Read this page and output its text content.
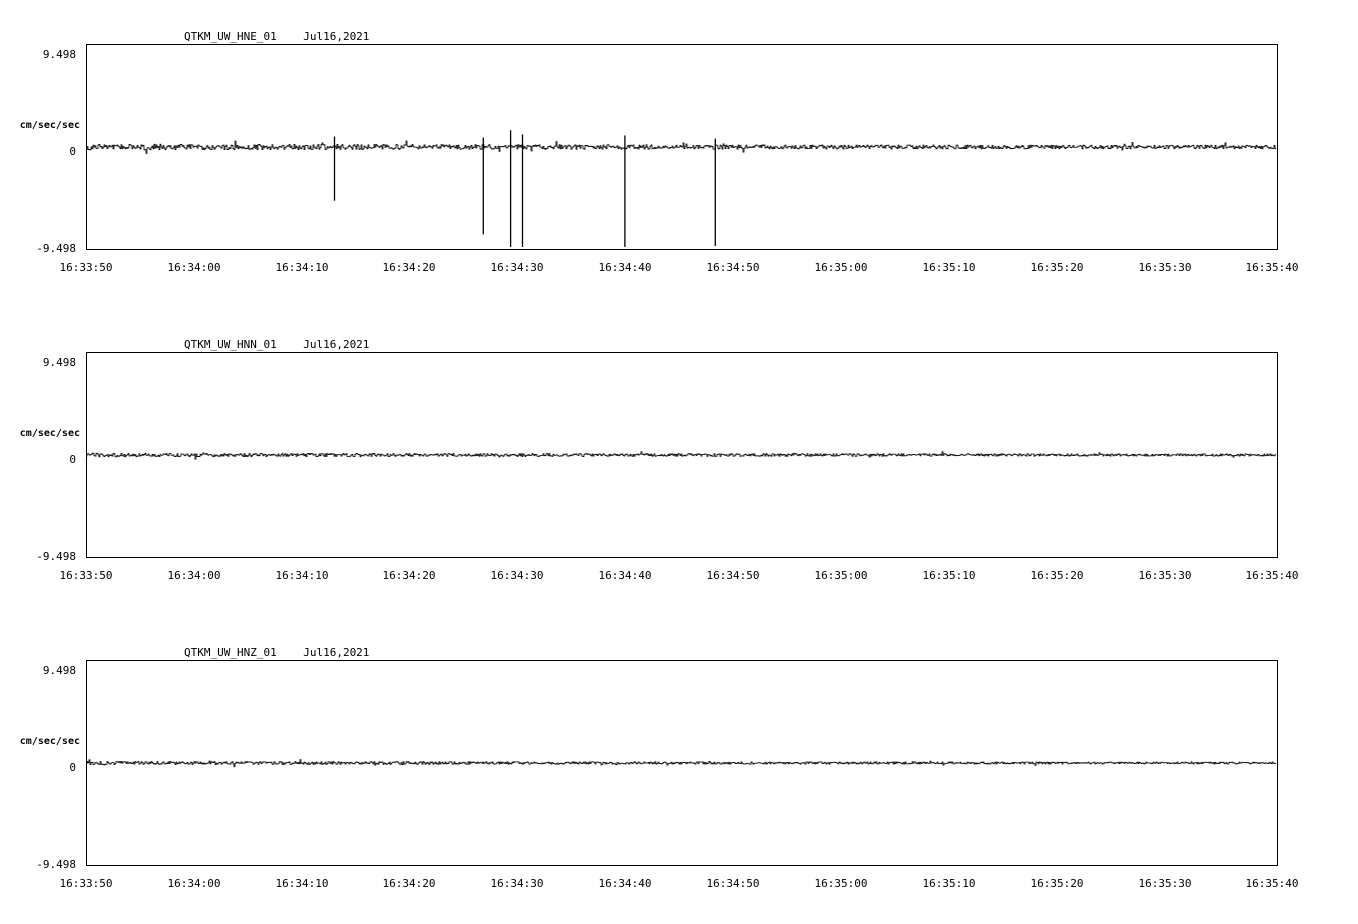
QTKM_UW_HNE_01    Jul16,2021
9.498
cm/sec/sec
0
-9.498
16:33:50	16:34:00	16:34:10	16:34:20	16:34:30	16:34:40	16:34:50	16:35:00	16:35:10	16:35:20	16:35:30	16:35:40
QTKM_UW_HNN_01    Jul16,2021
9.498
cm/sec/sec
0
-9.498
16:33:50	16:34:00	16:34:10	16:34:20	16:34:30	16:34:40	16:34:50	16:35:00	16:35:10	16:35:20	16:35:30	16:35:40
QTKM_UW_HNZ_01    Jul16,2021
9.498
cm/sec/sec
0
-9.498
16:33:50	16:34:00	16:34:10	16:34:20	16:34:30	16:34:40	16:34:50	16:35:00	16:35:10	16:35:20	16:35:30	16:35:40
